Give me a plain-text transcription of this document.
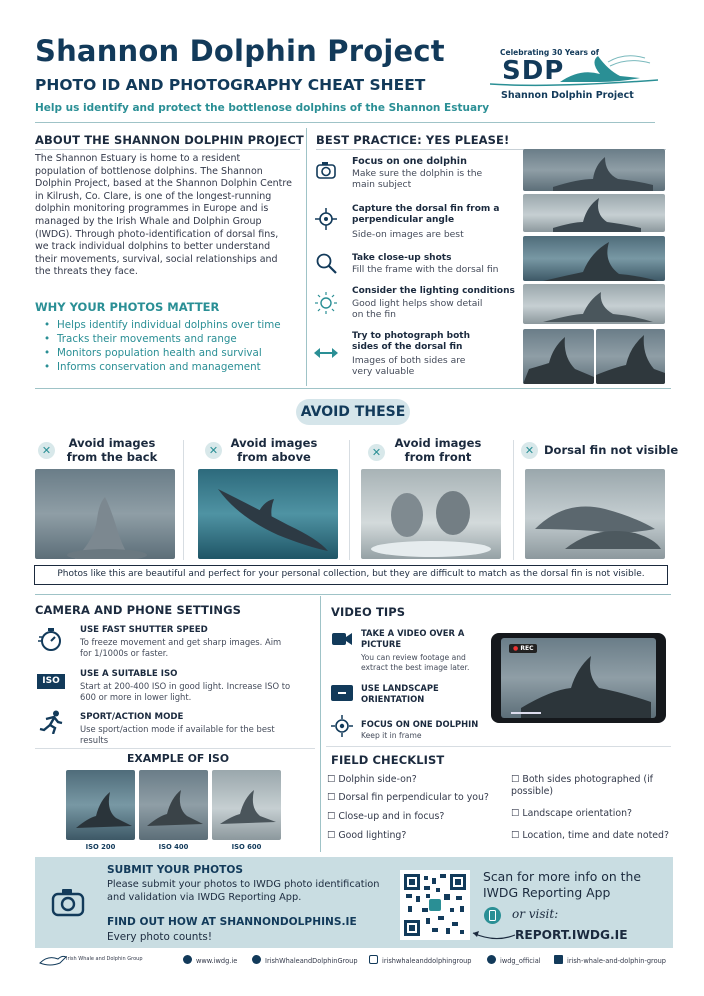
Shannon Dolphin Project
PHOTO ID AND PHOTOGRAPHY CHEAT SHEET
Help us identify and protect the bottlenose dolphins of the Shannon Estuary
Celebrating 30 Years of
SDP
Shannon Dolphin Project
ABOUT THE SHANNON DOLPHIN PROJECT
The Shannon Estuary is home to a resident population of bottlenose dolphins. The Shannon Dolphin Project, based at the Shannon Dolphin Centre in Kilrush, Co. Clare, is one of the longest-running dolphin monitoring programmes in Europe and is managed by the Irish Whale and Dolphin Group (IWDG). Through photo-identification of dorsal fins, we track individual dolphins to better understand their movements, survival, social relationships and the threats they face.
WHY YOUR PHOTOS MATTER
• Helps identify individual dolphins over time
• Tracks their movements and range
• Monitors population health and survival
• Informs conservation and management
BEST PRACTICE: YES PLEASE!
Focus on one dolphin
Make sure the dolphin is the main subject
Capture the dorsal fin from a perpendicular angle
Side-on images are best
Take close-up shots
Fill the frame with the dorsal fin
Consider the lighting conditions
Good light helps show detail on the fin
Try to photograph both sides of the dorsal fin
Images of both sides are very valuable
AVOID THESE
✕
Avoid images from the back	✕
Avoid images from above	✕
Avoid images from front	✕ Dorsal fin not visible
Photos like this are beautiful and perfect for your personal collection, but they are difficult to match as the dorsal fin is not visible.
CAMERA AND PHONE SETTINGS
USE FAST SHUTTER SPEED
To freeze movement and get sharp images. Aim for 1/1000s or faster.
ISO
USE A SUITABLE ISO
Start at 200-400 ISO in good light. Increase ISO to 600 or more in lower light.
SPORT/ACTION MODE
Use sport/action mode if available for the best results
EXAMPLE OF ISO
ISO 200	ISO 400	ISO 600
VIDEO TIPS
TAKE A VIDEO OVER A PICTURE
You can review footage and extract the best image later.
USE LANDSCAPE ORIENTATION
FOCUS ON ONE DOLPHIN
Keep it in frame
● REC
FIELD CHECKLIST
☐ Dolphin side-on?
☐ Dorsal fin perpendicular to you?
☐ Close-up and in focus?
☐ Good lighting?
☐ Both sides photographed (if possible)
☐ Landscape orientation?
☐ Location, time and date noted?
SUBMIT YOUR PHOTOS
Please submit your photos to IWDG photo identification and validation via IWDG Reporting App.
FIND OUT HOW AT SHANNONDOLPHINS.IE
Every photo counts!
Scan for more info on the IWDG Reporting App
or visit:
REPORT.IWDG.IE
Irish Whale and Dolphin Group	www.iwdg.ie	IrishWhaleandDolphinGroup	irishwhaleanddolphingroup	iwdg_official	irish-whale-and-dolphin-group
